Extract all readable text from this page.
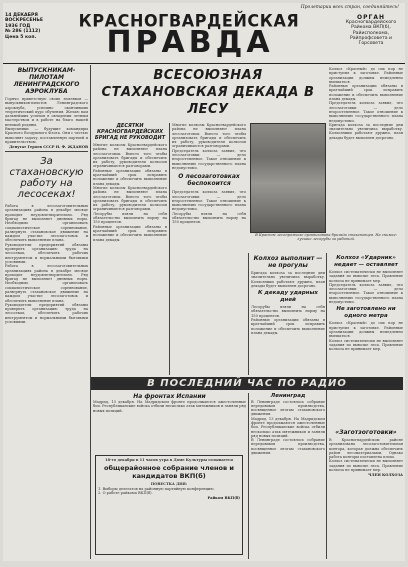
Пролетарии всех стран, соединяйтесь!
14 ДЕКАБРЯ
ВОСКРЕСЕНЬЕ
1936 ГОД
№ 286 (1112)
Цена 5 коп.
КРАСНОГВАРДЕЙСКАЯ
ПРАВДА
ОРГАН
Красногвардейского Райкома ВКП(б), Райисполкома, Райпрофсовета и Горсовета
ВЫПУСКНИКАМ-ПИЛОТАМ ЛЕНИНГРАДСКОГО АЭРОКЛУБА

Горячо приветствую своих земляков — выпускников-пилотов Ленинградского аэроклуба, успешно окончивших теоретический курс обучения. Желаю вам дальнейших успехов в овладении летным мастерством и в работе на благо нашей великой родины.

Выпускники — будущие командиры Красного Воздушного Флота. Они с честью выполнят задачу, поставленную партией и правительством.

Депутат Героев СССР Н. Ф. ЖДАНОВ
За стахановскую работу на лесосеках!

Работа в лесозаготовительных организациях района в декабре месяце проходит неудовлетворительно. Ряд бригад не выполняет дневных норм. Необходимо организовать социалистическое соревнование, развернуть стахановское движение на каждом участке лесозаготовок и обеспечить выполнение плана.

Руководители предприятий обязаны проверить организацию труда на лесосеках, обеспечить рабочих инструментом и нормальными бытовыми условиями.

Работа в лесозаготовительных организациях района в декабре месяце проходит неудовлетворительно. Ряд бригад не выполняет дневных норм. Необходимо организовать социалистическое соревнование, развернуть стахановское движение на каждом участке лесозаготовок и обеспечить выполнение плана.

Руководители предприятий обязаны проверить организацию труда на лесосеках, обеспечить рабочих инструментом и нормальными бытовыми условиями.

ВСЕСОЮЗНАЯ СТАХАНОВСКАЯ ДЕКАДА В ЛЕСУ

Колхоз «Красный» до сих пор не приступил к заготовке. Районные организации должны немедленно вмешаться.

Районные организации обязаны в кратчайший срок исправить положение и обеспечить выполнение плана декады.

Председатель колхоза заявил, что лесозаготовки — дело второстепенное. Такое отношение к выполнению государственного плана недопустимо.

Бригада колхоза за последние дни значительно увеличила выработку. Колхозники работают дружно, план декады будет выполнен досрочно.

ДЕСЯТКИ КРАСНОГВАРДЕЙСКИХ БРИГАД НЕ РУКОВОДИТ

Многие колхозы Красногвардейского района не выполняют плана лесозаготовок. Вместо того чтобы организовать бригады и обеспечить их работу, руководители колхозов ограничиваются разговорами.

Районные организации обязаны в кратчайший срок исправить положение и обеспечить выполнение плана декады.

Многие колхозы Красногвардейского района не выполняют плана лесозаготовок. Вместо того чтобы организовать бригады и обеспечить их работу, руководители колхозов ограничиваются разговорами.

Лесорубы взяли на себя обязательство выполнить норму на 150 процентов.

Районные организации обязаны в кратчайший срок исправить положение и обеспечить выполнение плана декады.

Многие колхозы Красногвардейского района не выполняют плана лесозаготовок. Вместо того чтобы организовать бригады и обеспечить их работу, руководители колхозов ограничиваются разговорами.

Председатель колхоза заявил, что лесозаготовки — дело второстепенное. Такое отношение к выполнению государственного плана недопустимо.

О лесозаготовках беспокоится

Председатель колхоза заявил, что лесозаготовки — дело второстепенное. Такое отношение к выполнению государственного плана недопустимо.

Лесорубы взяли на себя обязательство выполнить норму на 150 процентов.

В Красном лесопромхозе организована бригада стахановцев. На снимке: лучшие лесорубы за работой.

Колхоз выполнит — не прогулы

Бригада колхоза за последние дни значительно увеличила выработку. Колхозники работают дружно, план декады будет выполнен досрочно.

К декаду ударных дней

Лесорубы взяли на себя обязательство выполнить норму на 150 процентов.

Районные организации обязаны в кратчайший срок исправить положение и обеспечить выполнение плана декады.

Колхоз «Ударник» недает — оставляет

Колхоз систематически не выполняет задания по вывозке леса. Правление колхоза не принимает мер.

Председатель колхоза заявил, что лесозаготовки — дело второстепенное. Такое отношение к выполнению государственного плана недопустимо.

Не заготовлено ни одного метра

Колхоз «Красный» до сих пор не приступил к заготовке. Районные организации должны немедленно вмешаться.

Колхоз систематически не выполняет задания по вывозке леса. Правление колхоза не принимает мер.

В ПОСЛЕДНИЙ ЧАС ПО РАДИО
На фронтах Испании

Мадрид, 13 декабря. На Мадридском фронте продолжаются ожесточенные бои. Республиканские войска отбили несколько атак мятежников и заняли ряд новых позиций.

Ленинград

В Ленинграде состоялось собрание передовиков производства, посвященное итогам стахановского движения.

Мадрид, 13 декабря. На Мадридском фронте продолжаются ожесточенные бои. Республиканские войска отбили несколько атак мятежников и заняли ряд новых позиций.

В Ленинграде состоялось собрание передовиков производства, посвященное итогам стахановского движения.

18-го декабря в 11 часов утра в Доме Культуры созывается
общерайонное собрание членов и кандидатов ВКП(б)
ПОВЕСТКА ДНЯ:
1. Выборы делегатов на районную партийную конференцию.
2. О работе райкома ВКП(б).
Райком ВКП(б)
«Заготзоготовки»

В Красногвардейском районе организована лесозаготовительная контора, которая должна обеспечить район лесоматериалами. Однако работа конторы поставлена плохо.

Колхоз систематически не выполняет задания по вывозке леса. Правление колхоза не принимает мер.

ЧЛЕН КОЛХОЗА
